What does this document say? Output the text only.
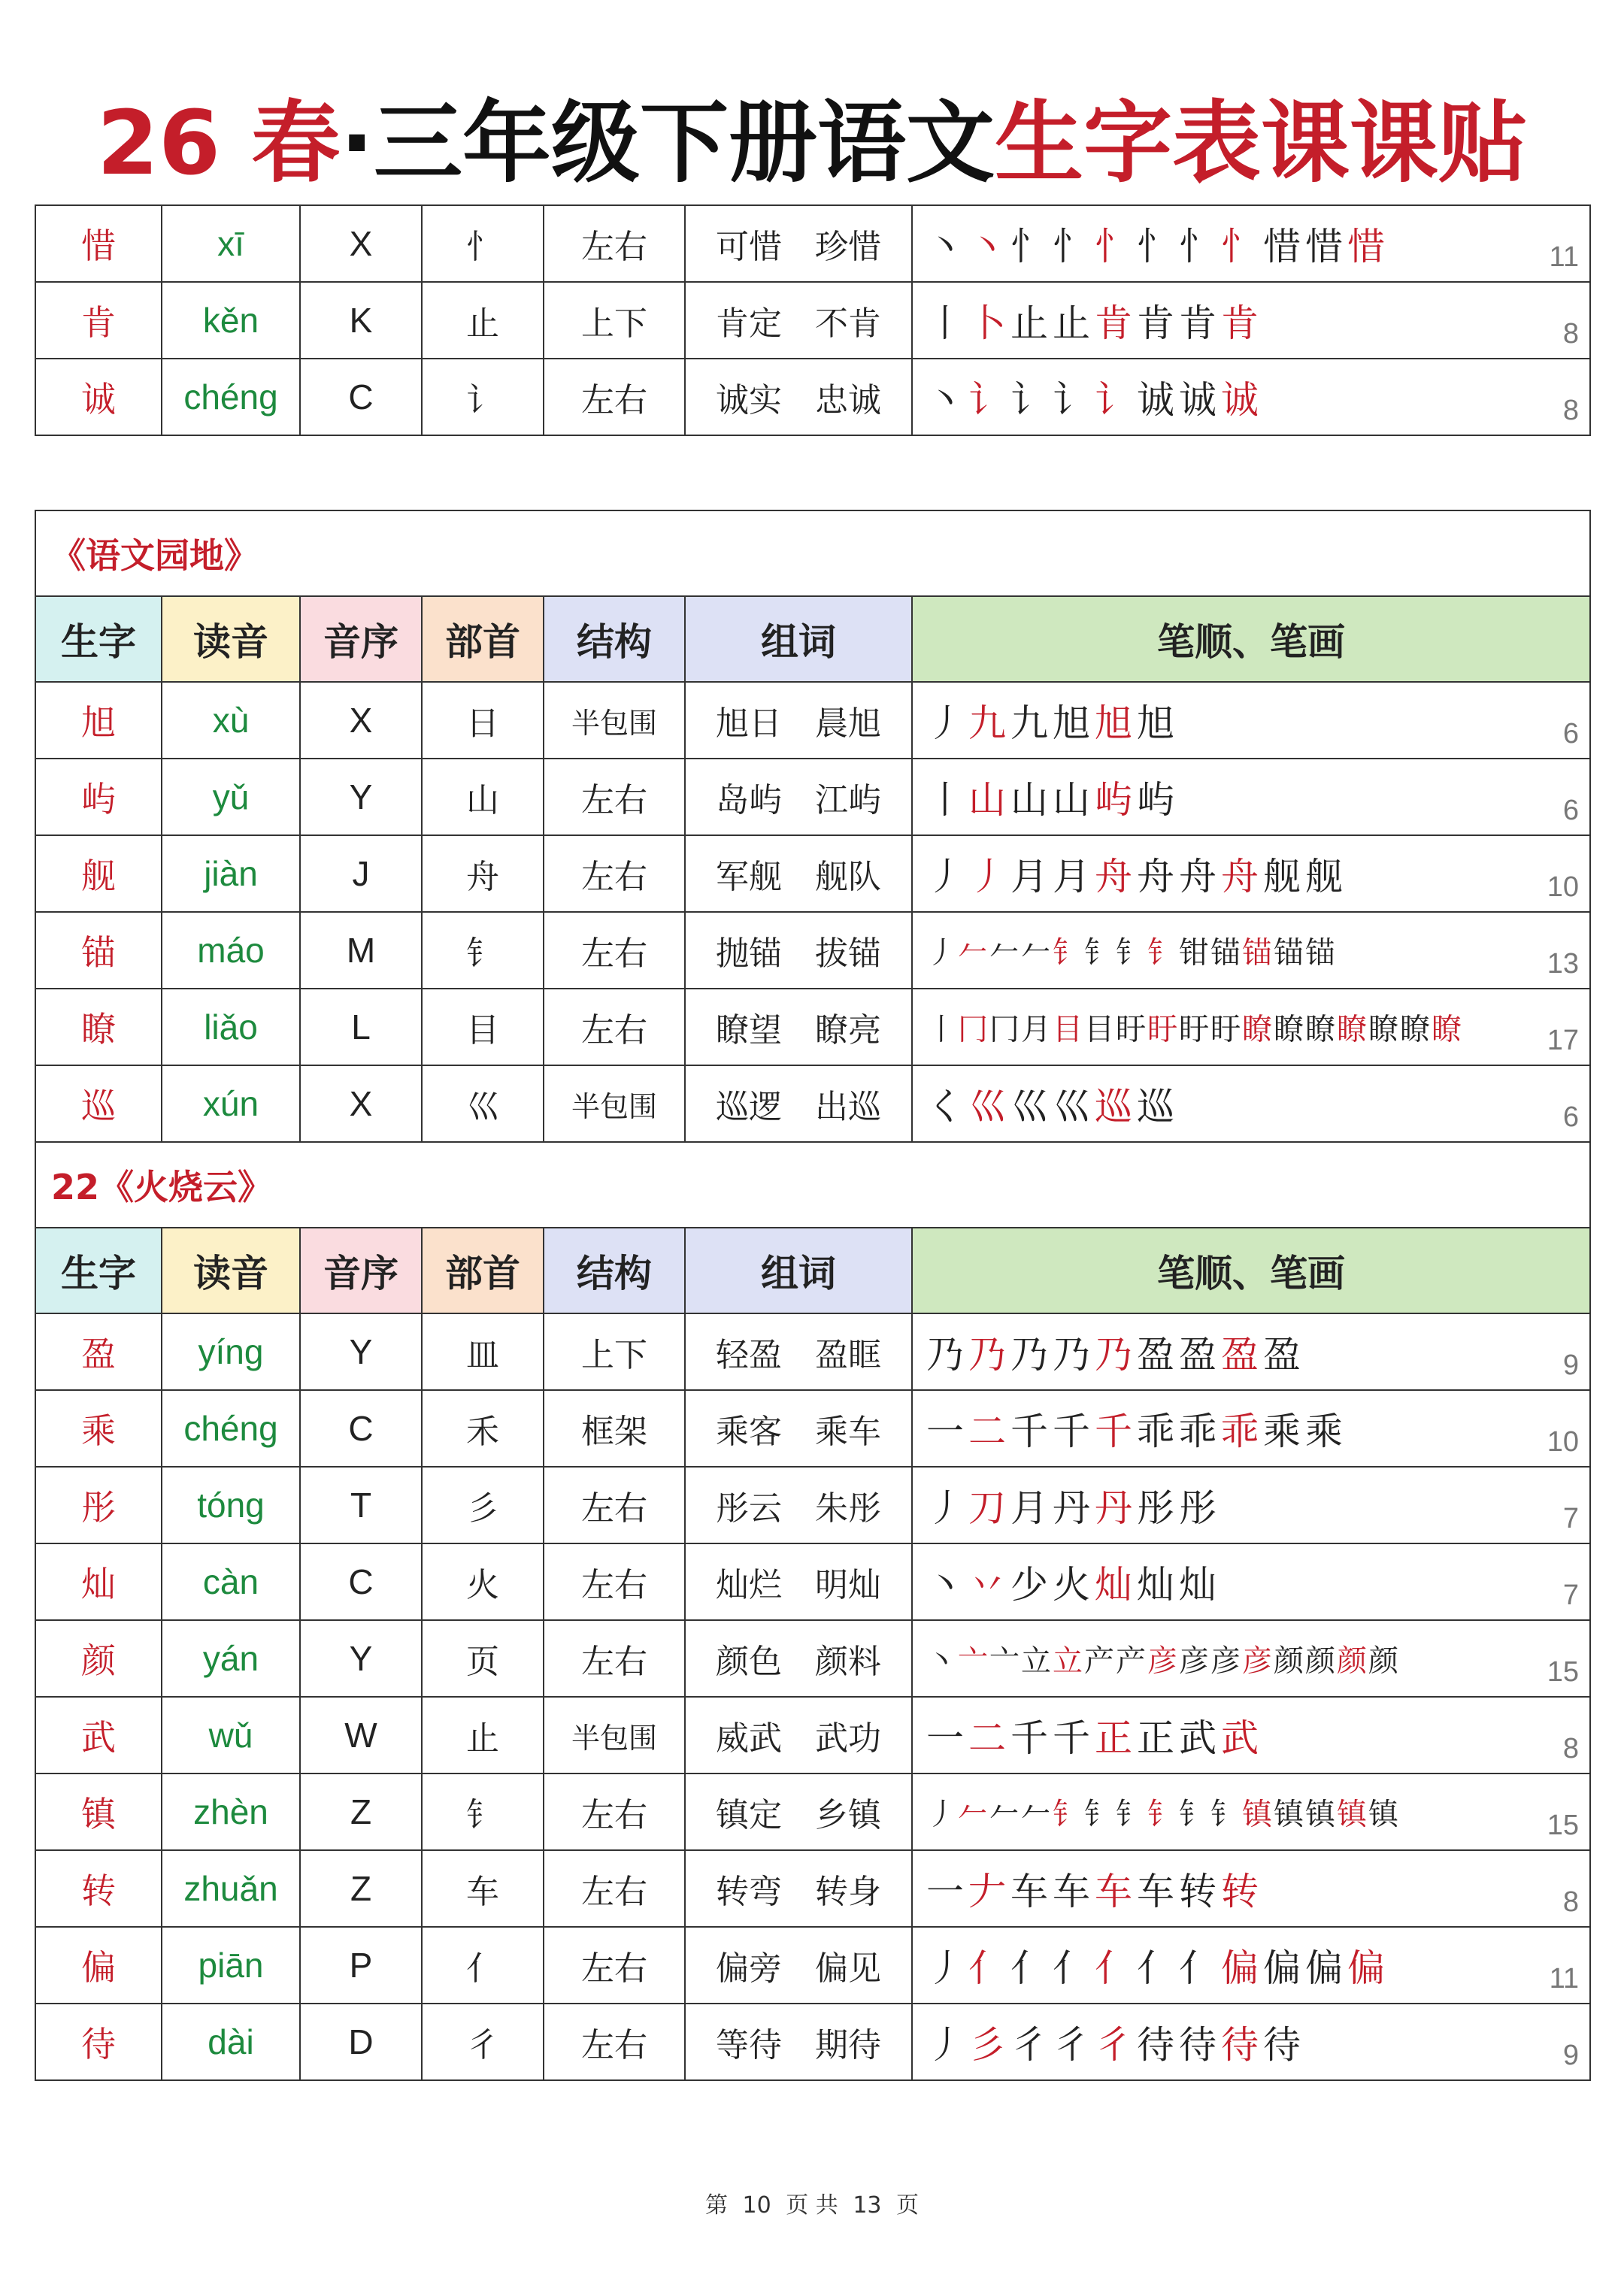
26 春·三年级下册语文生字表课课贴
惜	xī	X	忄	左右	可惜 珍惜	丶丶忄忄忄忄忄忄惜惜惜 11

肯	kěn	K	止	上下	肯定 不肯	丨卜止止肯肯肯肯 8

诚	chéng	C	讠	左右	诚实 忠诚	丶讠讠讠讠诚诚诚 8
《语文园地》						
生字	读音	音序	部首	结构	组词	笔顺、笔画
旭	xù	X	日	半包围	旭日 晨旭	丿九九旭旭旭 6

屿	yǔ	Y	山	左右	岛屿 江屿	丨山山山屿屿 6

舰	jiàn	J	舟	左右	军舰 舰队	丿丿月月舟舟舟舟舰舰 10

锚	máo	M	钅	左右	抛锚 拔锚	丿𠂉𠂉𠂉钅钅钅钅钳锚锚锚锚 13

瞭	liǎo	L	目	左右	瞭望 瞭亮	丨冂冂月目目盱盱盱盱瞭瞭瞭瞭瞭瞭瞭 17

巡	xún	X	巛	半包围	巡逻 出巡	く巛巛巛巡巡 6

22《火烧云》						
生字	读音	音序	部首	结构	组词	笔顺、笔画
盈	yíng	Y	皿	上下	轻盈 盈眶	乃乃乃乃乃盈盈盈盈 9

乘	chéng	C	禾	框架	乘客 乘车	一二千千千乖乖乖乘乘 10

彤	tóng	T	彡	左右	彤云 朱彤	丿刀月丹丹彤彤 7

灿	càn	C	火	左右	灿烂 明灿	丶丷少火灿灿灿 7

颜	yán	Y	页	左右	颜色 颜料	丶亠亠立立产产彦彦彦彦颜颜颜颜 15

武	wǔ	W	止	半包围	威武 武功	一二千千正正武武 8

镇	zhèn	Z	钅	左右	镇定 乡镇	丿𠂉𠂉𠂉钅钅钅钅钅钅镇镇镇镇镇 15

转	zhuǎn	Z	车	左右	转弯 转身	一𠂇车车车车转转 8

偏	piān	P	亻	左右	偏旁 偏见	丿亻亻亻亻亻亻偏偏偏偏 11

待	dài	D	彳	左右	等待 期待	丿彡彳彳彳待待待待 9
第 10 页 共 13 页
